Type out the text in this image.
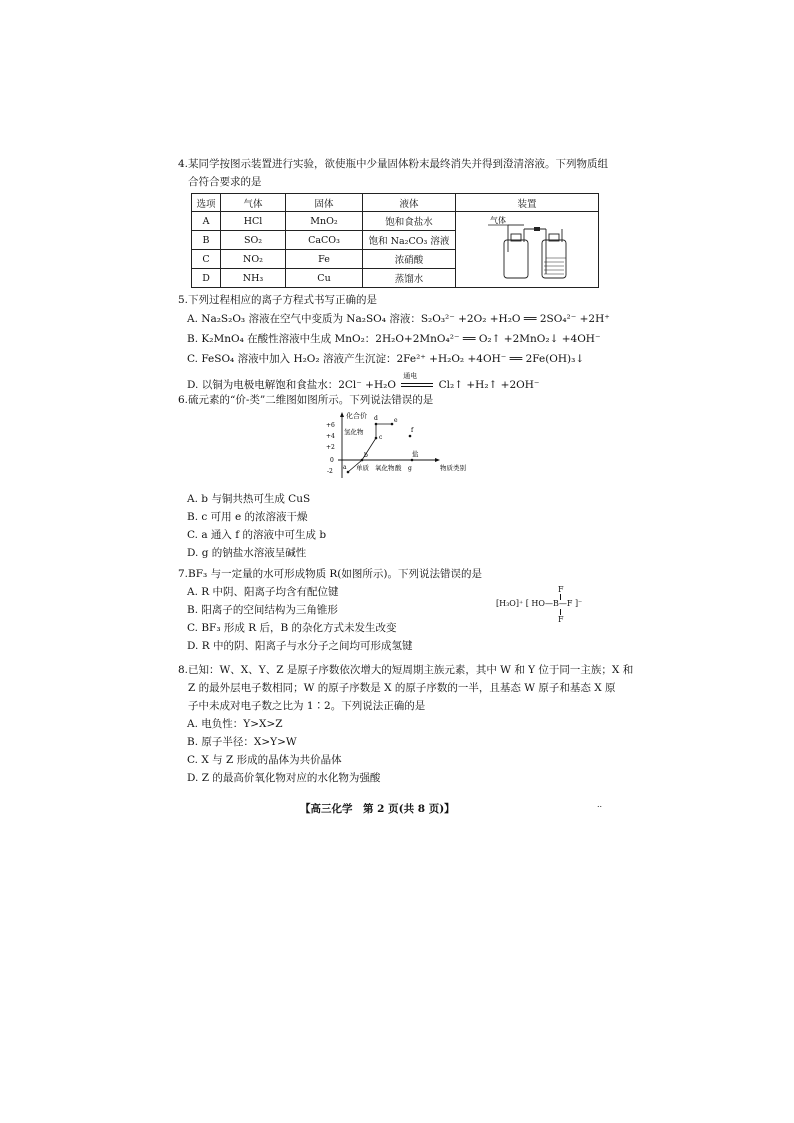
4.某同学按图示装置进行实验，欲使瓶中少量固体粉末最终消失并得到澄清溶液。下列物质组
合符合要求的是
选项	气体	固体	液体	装置
A	HCl	MnO₂	饱和食盐水	气体

B	SO₂	CaCO₃	饱和 Na₂CO₃ 溶液	
C	NO₂	Fe	浓硝酸	
D	NH₃	Cu	蒸馏水	
5.下列过程相应的离子方程式书写正确的是
A. Na₂S₂O₃ 溶液在空气中变质为 Na₂SO₄ 溶液：S₂O₃²⁻ +2O₂ +H₂O ══ 2SO₄²⁻ +2H⁺
B. K₂MnO₄ 在酸性溶液中生成 MnO₂：2H₂O+2MnO₄²⁻ ══ O₂↑ +2MnO₂↓ +4OH⁻
C. FeSO₄ 溶液中加入 H₂O₂ 溶液产生沉淀：2Fe²⁺ +H₂O₂ +4OH⁻ ══ 2Fe(OH)₃↓
D. 以铜为电极电解饱和食盐水：2Cl⁻ +H₂O
通电
Cl₂↑ +H₂↑ +2OH⁻
6.硫元素的“价-类”二维图如图所示。下列说法错误的是
化合价
物质类别
+6
+4
+2
0
-2
氢化物
单质 氧化物 酸
盐
a
b
c
d	e
f
g
A. b 与铜共热可生成 CuS
B. c 可用 e 的浓溶液干燥
C. a 通入 f 的溶液中可生成 b
D. g 的钠盐水溶液呈碱性
7.BF₃ 与一定量的水可形成物质 R(如图所示)。下列说法错误的是
A. R 中阴、阳离子均含有配位键
B. 阳离子的空间结构为三角锥形
C. BF₃ 形成 R 后，B 的杂化方式未发生改变
D. R 中的阴、阳离子与水分子之间均可形成氢键
F
[H₃O]⁺ [ HO—B—F ]⁻
F
8.已知：W、X、Y、Z 是原子序数依次增大的短周期主族元素，其中 W 和 Y 位于同一主族；X 和
Z 的最外层电子数相同；W 的原子序数是 X 的原子序数的一半，且基态 W 原子和基态 X 原
子中未成对电子数之比为 1∶2。下列说法正确的是
A. 电负性：Y>X>Z
B. 原子半径：X>Y>W
C. X 与 Z 形成的晶体为共价晶体
D. Z 的最高价氧化物对应的水化物为强酸
【高三化学　第 2 页(共 8 页)】	..
